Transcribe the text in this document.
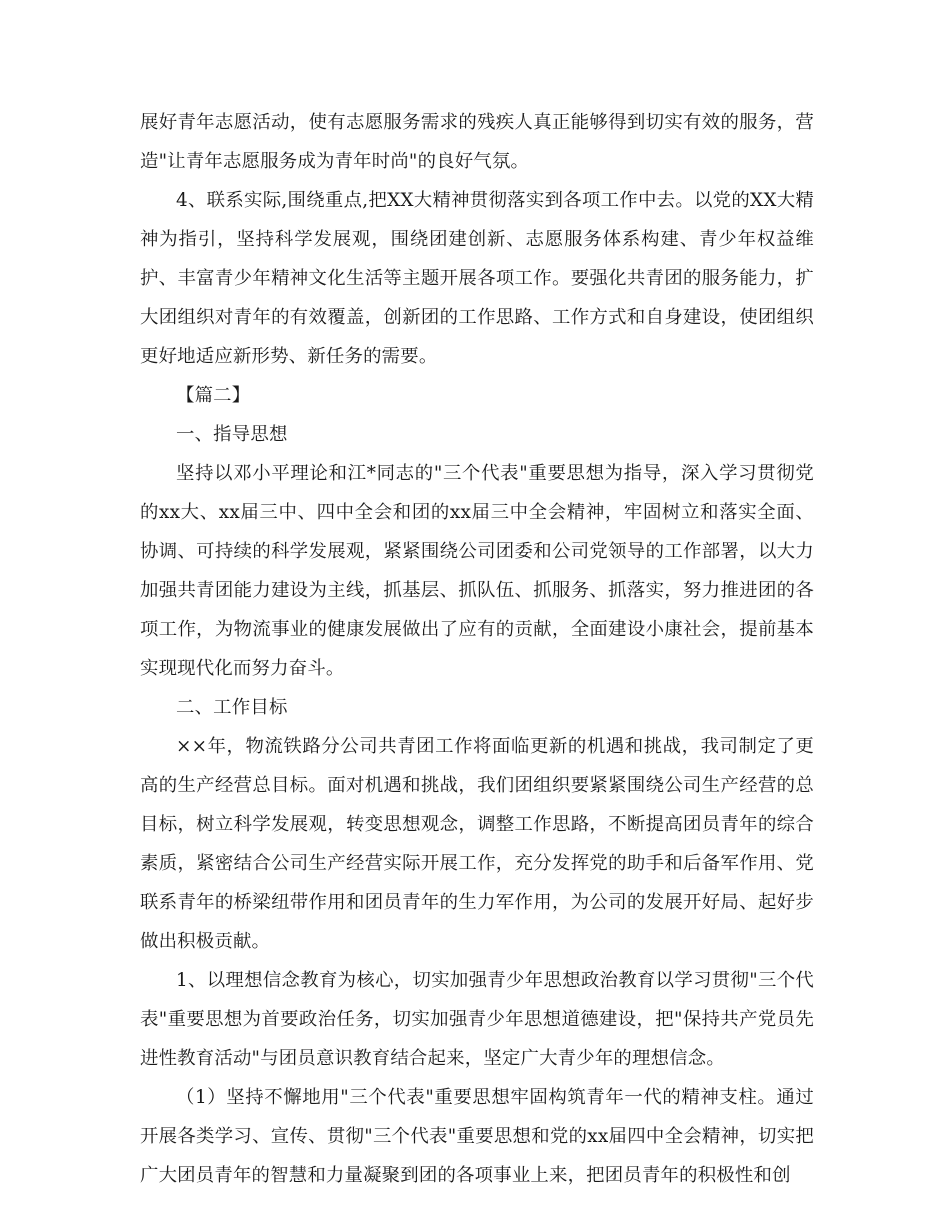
展好青年志愿活动，使有志愿服务需求的残疾人真正能够得到切实有效的服务，营造"让青年志愿服务成为青年时尚"的良好气氛。

4、联系实际,围绕重点,把XX大精神贯彻落实到各项工作中去。以党的XX大精神为指引，坚持科学发展观，围绕团建创新、志愿服务体系构建、青少年权益维护、丰富青少年精神文化生活等主题开展各项工作。要强化共青团的服务能力，扩大团组织对青年的有效覆盖，创新团的工作思路、工作方式和自身建设，使团组织更好地适应新形势、新任务的需要。

【篇二】

一、指导思想

坚持以邓小平理论和江*同志的"三个代表"重要思想为指导，深入学习贯彻党的xx大、xx届三中、四中全会和团的xx届三中全会精神，牢固树立和落实全面、协调、可持续的科学发展观，紧紧围绕公司团委和公司党领导的工作部署，以大力加强共青团能力建设为主线，抓基层、抓队伍、抓服务、抓落实，努力推进团的各项工作，为物流事业的健康发展做出了应有的贡献，全面建设小康社会，提前基本实现现代化而努力奋斗。

二、工作目标

××年，物流铁路分公司共青团工作将面临更新的机遇和挑战，我司制定了更高的生产经营总目标。面对机遇和挑战，我们团组织要紧紧围绕公司生产经营的总目标，树立科学发展观，转变思想观念，调整工作思路，不断提高团员青年的综合素质，紧密结合公司生产经营实际开展工作，充分发挥党的助手和后备军作用、党联系青年的桥梁纽带作用和团员青年的生力军作用，为公司的发展开好局、起好步做出积极贡献。

1、以理想信念教育为核心，切实加强青少年思想政治教育以学习贯彻"三个代表"重要思想为首要政治任务，切实加强青少年思想道德建设，把"保持共产党员先进性教育活动"与团员意识教育结合起来，坚定广大青少年的理想信念。

（1）坚持不懈地用"三个代表"重要思想牢固构筑青年一代的精神支柱。通过开展各类学习、宣传、贯彻"三个代表"重要思想和党的xx届四中全会精神，切实把广大团员青年的智慧和力量凝聚到团的各项事业上来，把团员青年的积极性和创
